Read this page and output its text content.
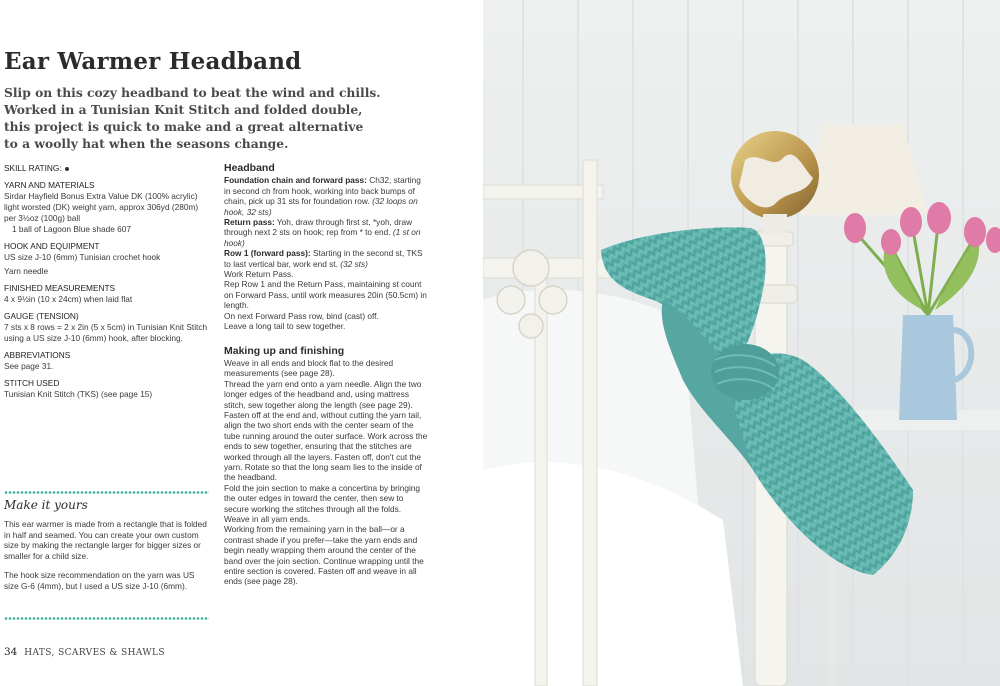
Ear Warmer Headband
Slip on this cozy headband to beat the wind and chills.
Worked in a Tunisian Knit Stitch and folded double,
this project is quick to make and a great alternative
to a woolly hat when the seasons change.
SKILL RATING:

YARN AND MATERIALS

Sirdar Hayfield Bonus Extra Value DK (100% acrylic)

light worsted (DK) weight yarn, approx 306yd (280m)

per 3½oz (100g) ball

1 ball of Lagoon Blue shade 607

HOOK AND EQUIPMENT

US size J-10 (6mm) Tunisian crochet hook

Yarn needle

FINISHED MEASUREMENTS

4 x 9½in (10 x 24cm) when laid flat

GAUGE (TENSION)

7 sts x 8 rows = 2 x 2in (5 x 5cm) in Tunisian Knit Stitch

using a US size J-10 (6mm) hook, after blocking.

ABBREVIATIONS

See page 31.

STITCH USED

Tunisian Knit Stitch (TKS) (see page 15)

Headband

Foundation chain and forward pass: Ch32, starting in second ch from hook, working into back bumps of chain, pick up 31 sts for foundation row. (32 loops on hook, 32 sts)

Return pass: Yoh, draw through first st, *yoh, draw through next 2 sts on hook; rep from * to end. (1 st on hook)

Row 1 (forward pass): Starting in the second st, TKS to last vertical bar, work end st. (32 sts)

Work Return Pass.

Rep Row 1 and the Return Pass, maintaining st count on Forward Pass, until work measures 20in (50.5cm) in length.

On next Forward Pass row, bind (cast) off.

Leave a long tail to sew together.

Making up and finishing

Weave in all ends and block flat to the desired measurements (see page 28).

Thread the yarn end onto a yarn needle. Align the two longer edges of the headband and, using mattress stitch, sew together along the length (see page 29).

Fasten off at the end and, without cutting the yarn tail, align the two short ends with the center seam of the tube running around the outer surface. Work across the ends to sew together, ensuring that the stitches are worked through all the layers. Fasten off, don't cut the yarn. Rotate so that the long seam lies to the inside of the headband.

Fold the join section to make a concertina by bringing the outer edges in toward the center, then sew to secure working the stitches through all the folds.

Weave in all yarn ends.

Working from the remaining yarn in the ball—or a contrast shade if you prefer—take the yarn ends and begin neatly wrapping them around the center of the band over the join section. Continue wrapping until the entire section is covered. Fasten off and weave in all ends (see page 28).

Make it yours

This ear warmer is made from a rectangle that is folded in half and seamed. You can create your own custom size by making the rectangle larger for bigger sizes or smaller for a child size.

The hook size recommendation on the yarn was US size G-6 (4mm), but I used a US size J-10 (6mm).

34 HATS, SCARVES & SHAWLS
